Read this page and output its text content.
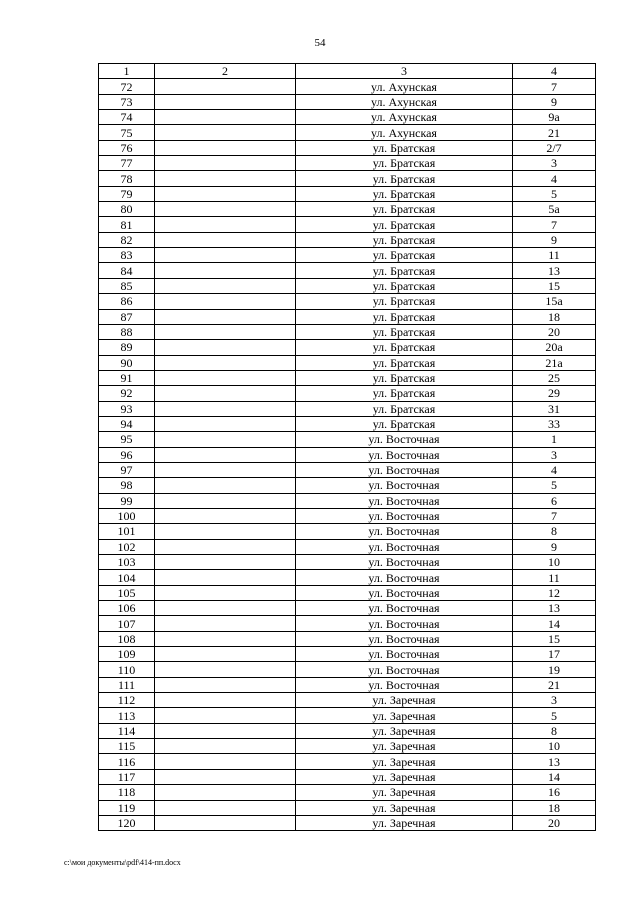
54
1	2	3	4
72		ул. Ахунская	7
73		ул. Ахунская	9
74		ул. Ахунская	9а
75		ул. Ахунская	21
76		ул. Братская	2/7
77		ул. Братская	3
78		ул. Братская	4
79		ул. Братская	5
80		ул. Братская	5а
81		ул. Братская	7
82		ул. Братская	9
83		ул. Братская	11
84		ул. Братская	13
85		ул. Братская	15
86		ул. Братская	15а
87		ул. Братская	18
88		ул. Братская	20
89		ул. Братская	20а
90		ул. Братская	21а
91		ул. Братская	25
92		ул. Братская	29
93		ул. Братская	31
94		ул. Братская	33
95		ул. Восточная	1
96		ул. Восточная	3
97		ул. Восточная	4
98		ул. Восточная	5
99		ул. Восточная	6
100		ул. Восточная	7
101		ул. Восточная	8
102		ул. Восточная	9
103		ул. Восточная	10
104		ул. Восточная	11
105		ул. Восточная	12
106		ул. Восточная	13
107		ул. Восточная	14
108		ул. Восточная	15
109		ул. Восточная	17
110		ул. Восточная	19
111		ул. Восточная	21
112		ул. Заречная	3
113		ул. Заречная	5
114		ул. Заречная	8
115		ул. Заречная	10
116		ул. Заречная	13
117		ул. Заречная	14
118		ул. Заречная	16
119		ул. Заречная	18
120		ул. Заречная	20
c:\мои документы\pdf\414-пп.docx
